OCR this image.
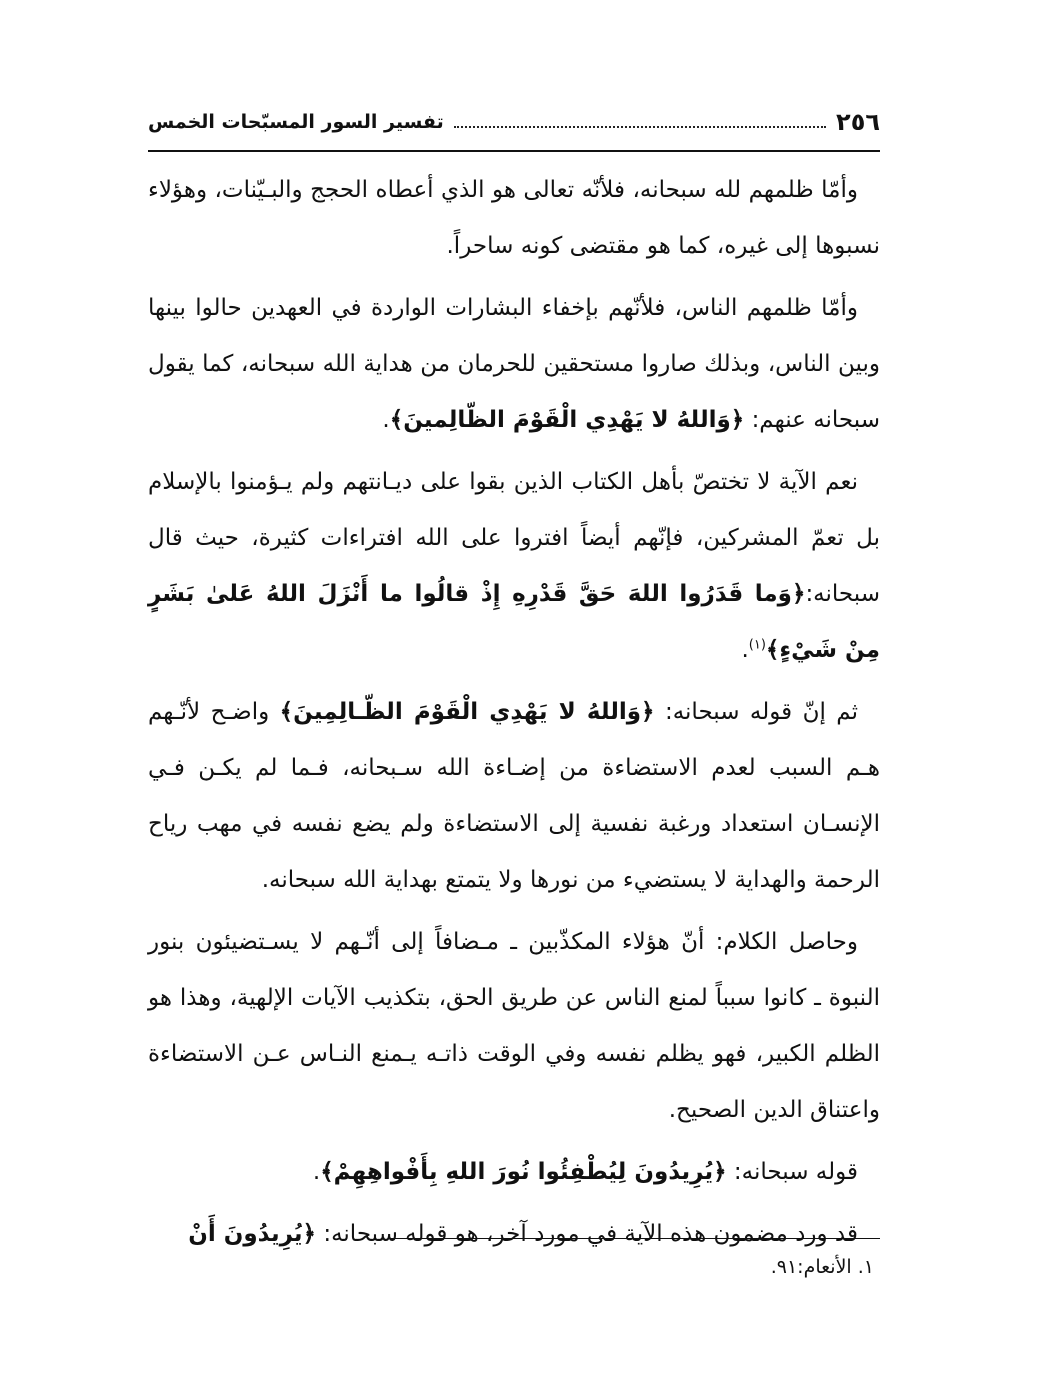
٢٥٦
تفسير السور المسبّحات الخمس

وأمّا ظلمهم لله سبحانه، فلأنّه تعالى هو الذي أعطاه الحجج والبـيّنات، وهؤلاء نسبوها إلى غيره، كما هو مقتضى كونه ساحراً.

وأمّا ظلمهم الناس، فلأنّهم بإخفاء البشارات الواردة في العهدين حالوا بينها وبين الناس، وبذلك صاروا مستحقين للحرمان من هداية الله سبحانه، كما يقول سبحانه عنهم: ﴿وَاللهُ لا يَهْدِي الْقَوْمَ الظّالِمينَ﴾.

نعم الآية لا تختصّ بأهل الكتاب الذين بقوا على ديـانتهم ولم يـؤمنوا بالإسلام بل تعمّ المشركين، فإنّهم أيضاً افتروا على الله افتراءات كثيرة، حيث قال سبحانه:﴿وَما قَدَرُوا اللهَ حَقَّ قَدْرِهِ إِذْ قالُوا ما أَنْزَلَ اللهُ عَلىٰ بَشَرٍ مِنْ شَيْءٍ﴾$^{(١)}$.

ثم إنّ قوله سبحانه: ﴿وَاللهُ لا يَهْدِي الْقَوْمَ الظّـالِمِينَ﴾ واضـح لأنّـهم هـم السبب لعدم الاستضاءة من إضـاءة الله سـبحانه، فـما لم يكـن فـي الإنسـان استعداد ورغبة نفسية إلى الاستضاءة ولم يضع نفسه في مهب رياح الرحمة والهداية لا يستضيء من نورها ولا يتمتع بهداية الله سبحانه.

وحاصل الكلام: أنّ هؤلاء المكذّبين ـ مـضافاً إلى أنّـهم لا يسـتضيئون بنور النبوة ـ كانوا سبباً لمنع الناس عن طريق الحق، بتكذيب الآيات الإلهية، وهذا هو الظلم الكبير، فهو يظلم نفسه وفي الوقت ذاتـه يـمنع النـاس عـن الاستضاءة واعتناق الدين الصحيح.

قوله سبحانه: ﴿يُرِيدُونَ لِيُطْفِئُوا نُورَ اللهِ بِأَفْواهِهِمْ﴾.

قد ورد مضمون هذه الآية في مورد آخر، هو قوله سبحانه: ﴿يُرِيدُونَ أَنْ

١. الأنعام:٩١.
